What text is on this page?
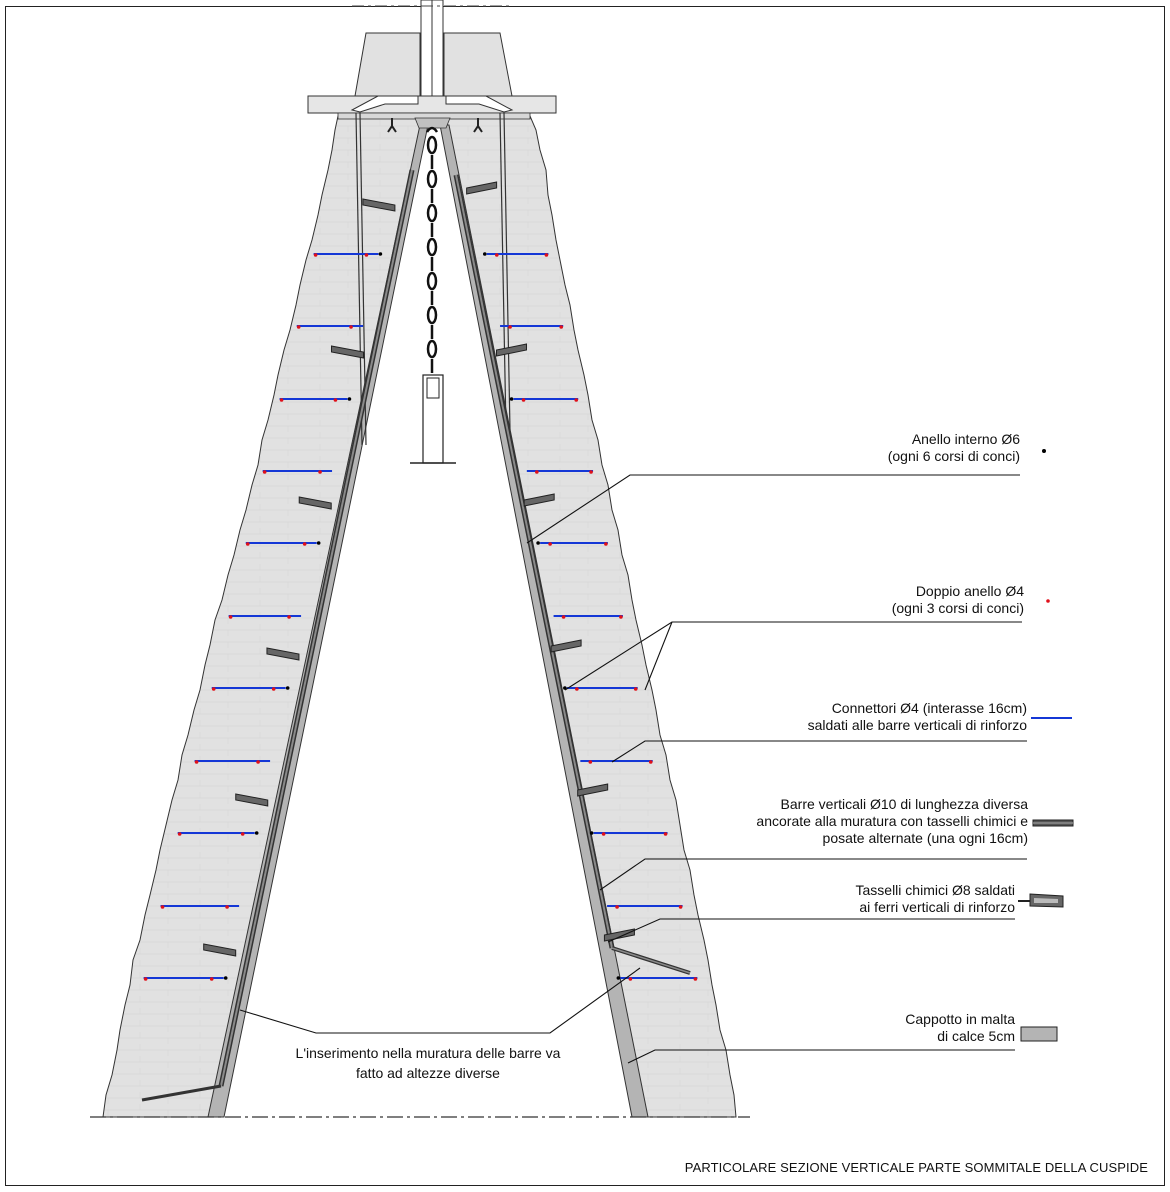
Anello interno Ø6
(ogni 6 corsi di conci)
Doppio anello Ø4
(ogni 3 corsi di conci)
Connettori Ø4 (interasse 16cm)
saldati alle barre verticali di rinforzo
Barre verticali Ø10 di lunghezza diversa
ancorate alla muratura con tasselli chimici e
posate alternate (una ogni 16cm)
Tasselli chimici Ø8 saldati
ai ferri verticali di rinforzo
Cappotto in malta
di calce 5cm
L'inserimento nella muratura delle barre va
fatto ad altezze diverse
PARTICOLARE SEZIONE VERTICALE PARTE SOMMITALE DELLA CUSPIDE
